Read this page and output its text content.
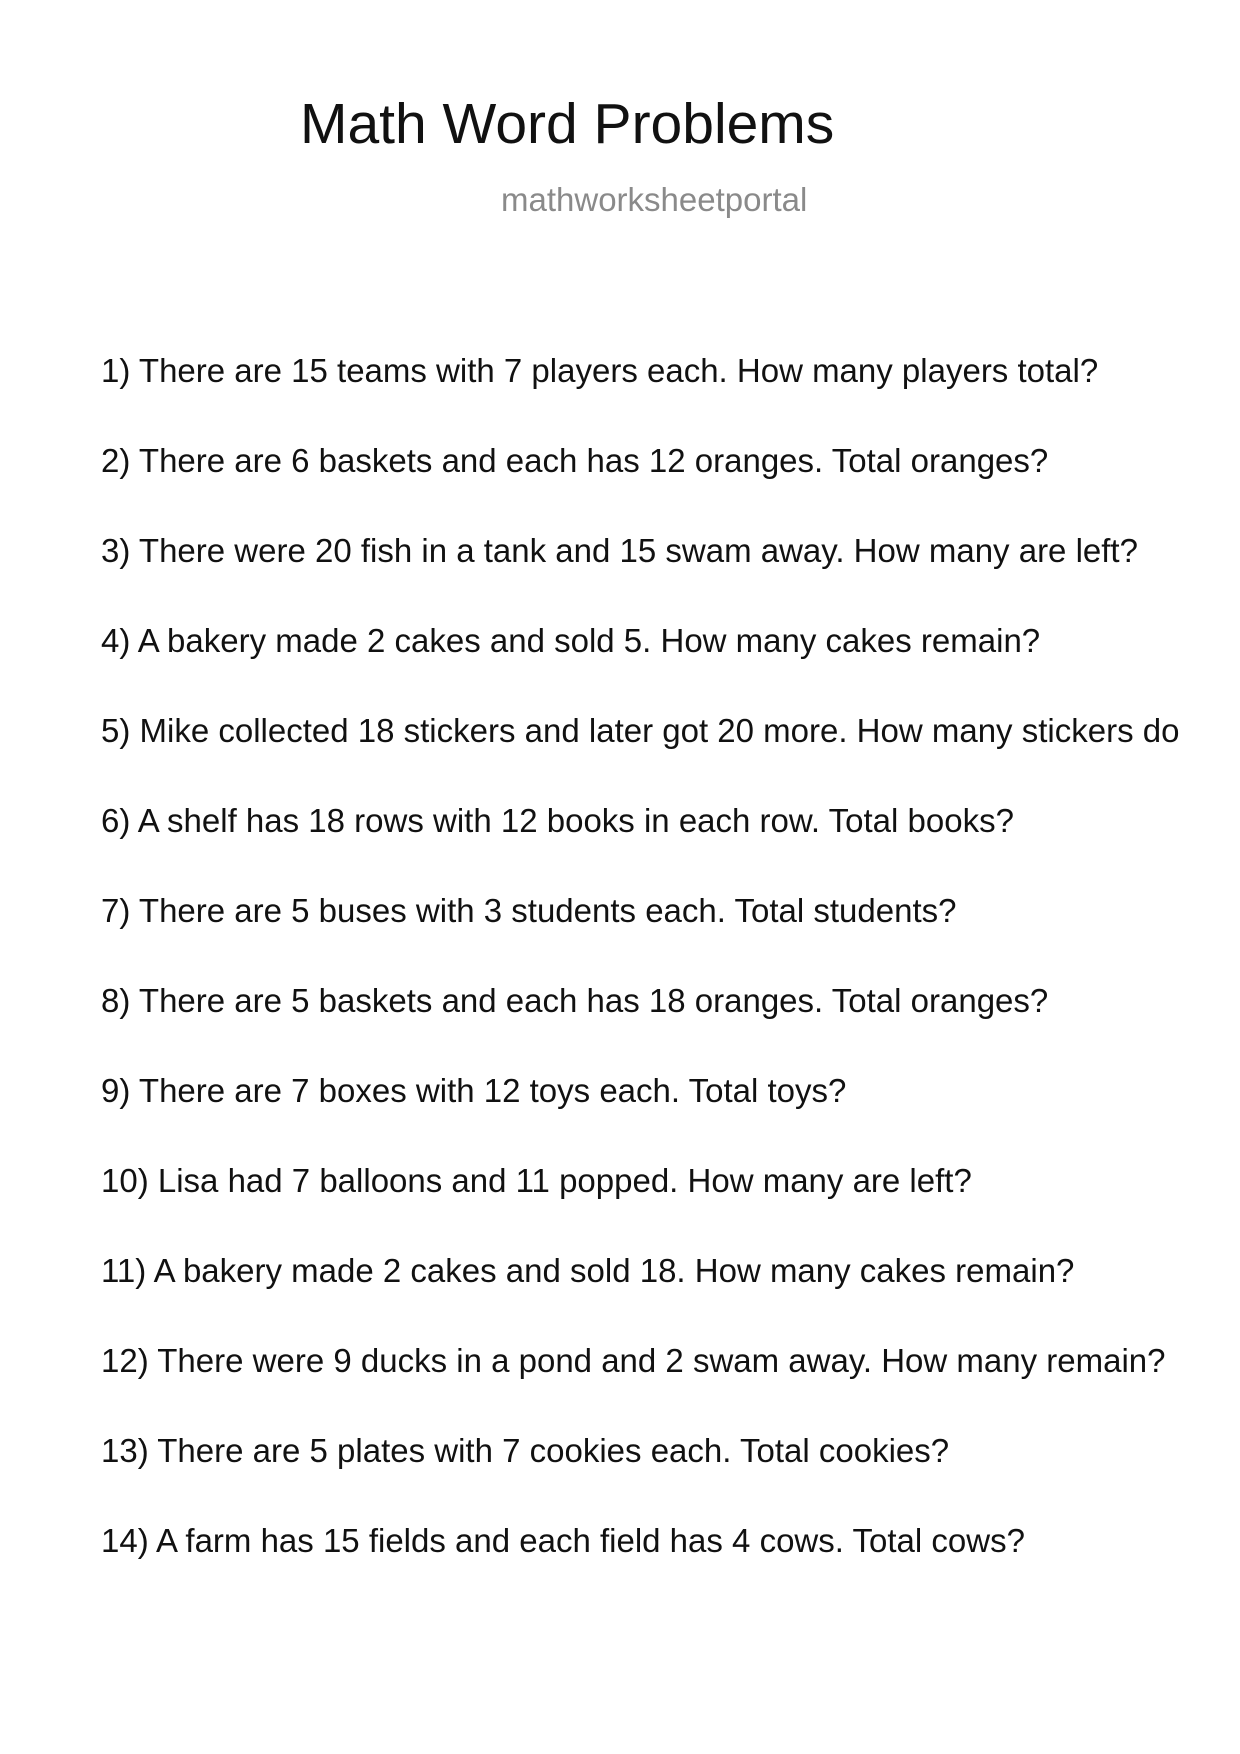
Math Word Problems
mathworksheetportal
1) There are 15 teams with 7 players each. How many players total?
2) There are 6 baskets and each has 12 oranges. Total oranges?
3) There were 20 fish in a tank and 15 swam away. How many are left?
4) A bakery made 2 cakes and sold 5. How many cakes remain?
5) Mike collected 18 stickers and later got 20 more. How many stickers do
6) A shelf has 18 rows with 12 books in each row. Total books?
7) There are 5 buses with 3 students each. Total students?
8) There are 5 baskets and each has 18 oranges. Total oranges?
9) There are 7 boxes with 12 toys each. Total toys?
10) Lisa had 7 balloons and 11 popped. How many are left?
11) A bakery made 2 cakes and sold 18. How many cakes remain?
12) There were 9 ducks in a pond and 2 swam away. How many remain?
13) There are 5 plates with 7 cookies each. Total cookies?
14) A farm has 15 fields and each field has 4 cows. Total cows?
